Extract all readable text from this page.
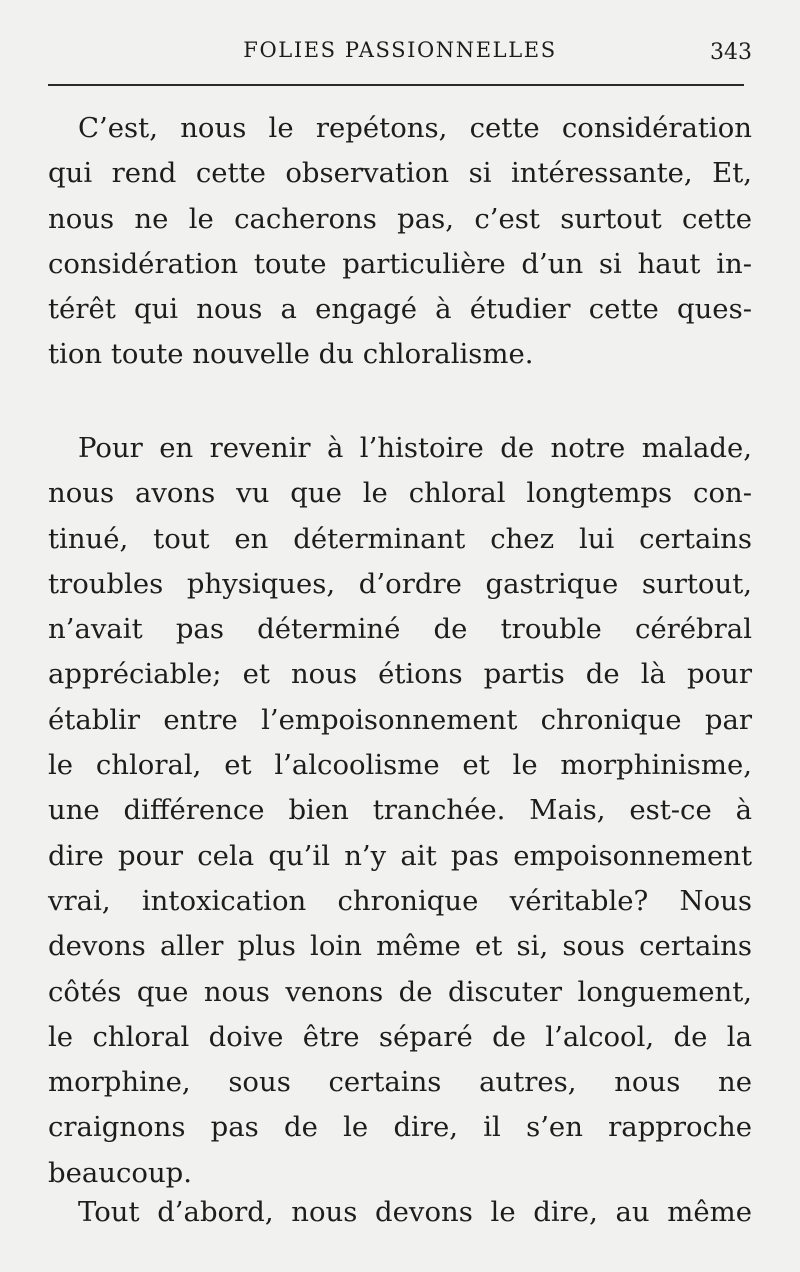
FOLIES PASSIONNELLES	343
C’est, nous le repétons, cette considération
qui rend cette observation si intéressante, Et,
nous ne le cacherons pas, c’est surtout cette
considération toute particulière d’un si haut in-
térêt qui nous a engagé à étudier cette ques-
tion toute nouvelle du chloralisme.
Pour en revenir à l’histoire de notre malade,
nous avons vu que le chloral longtemps con-
tinué, tout en déterminant chez lui certains
troubles physiques, d’ordre gastrique surtout,
n’avait pas déterminé de trouble cérébral
appréciable; et nous étions partis de là pour
établir entre l’empoisonnement chronique par
le chloral, et l’alcoolisme et le morphinisme,
une différence bien tranchée. Mais, est-ce à
dire pour cela qu’il n’y ait pas empoisonnement
vrai, intoxication chronique véritable? Nous
devons aller plus loin même et si, sous certains
côtés que nous venons de discuter longuement,
le chloral doive être séparé de l’alcool, de la
morphine, sous certains autres, nous ne
craignons pas de le dire, il s’en rapproche
beaucoup.
Tout d’abord, nous devons le dire, au même
